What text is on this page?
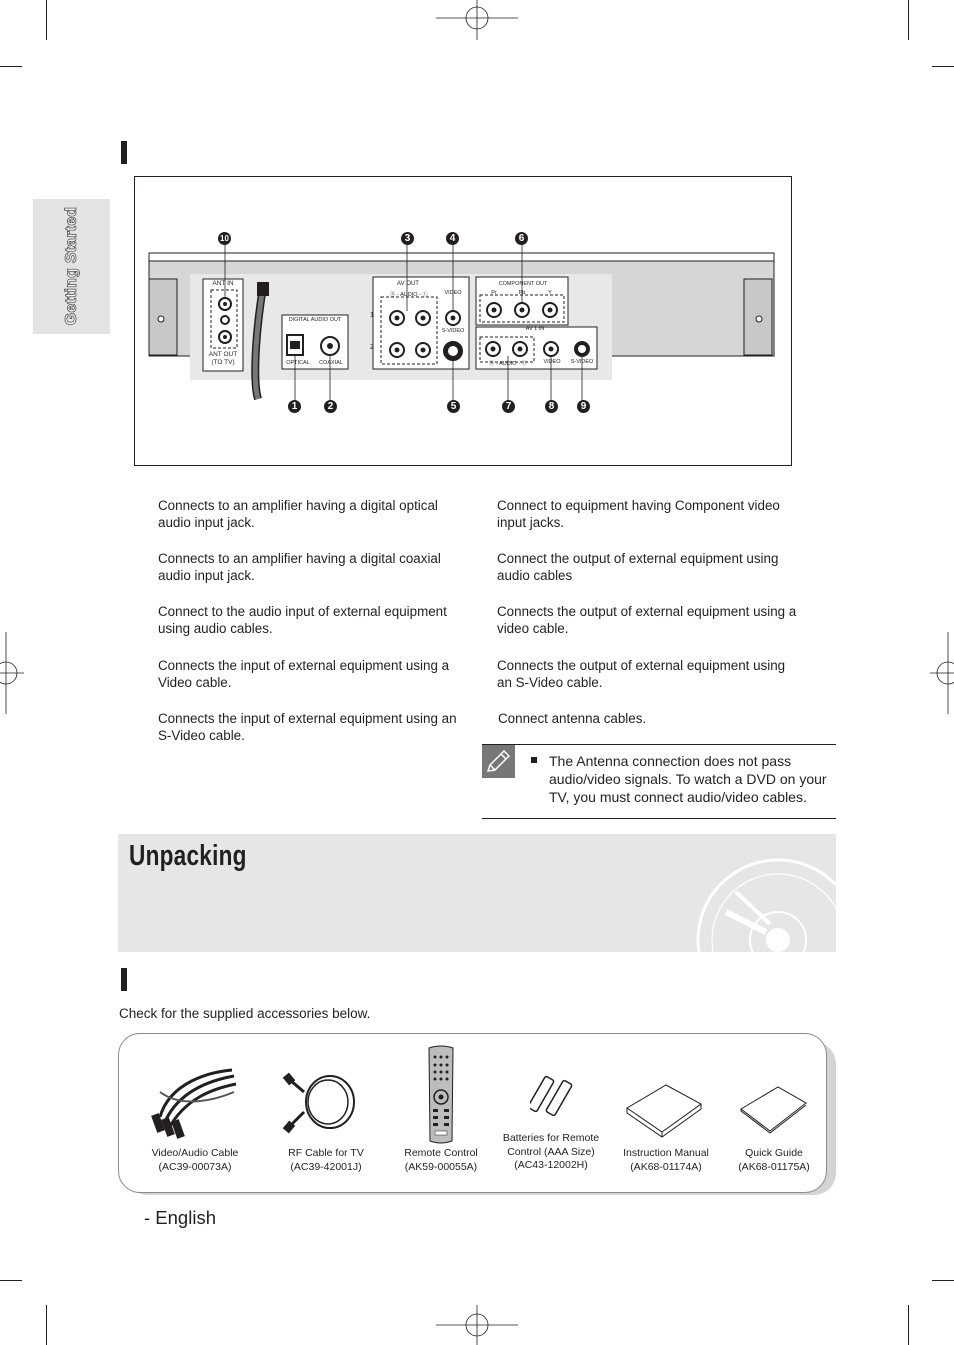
Getting Started	ANT IN
ANT OUT
(TO TV)
DIGITAL AUDIO OUT
OPTICAL	COAXIAL
AV OUT
Ⓡ - AUDIO - Ⓛ	VIDEO
S-VIDEO
1
2
COMPONENT OUT
Pr	Pb	Y
AV 1 IN
Ⓡ - AUDIO - Ⓛ	VIDEO	S-VIDEO
10	3	4	6
1	2	5	7	8	9
Connects to an amplifier having a digital optical audio input jack.
Connects to an amplifier having a digital coaxial audio input jack.
Connect to the audio input of external equipment using audio cables.
Connects the input of external equipment using a Video cable.
Connects the input of external equipment using an S-Video cable.
Connect to equipment having Component video input jacks.
Connect the output of external equipment using audio cables
Connects the output of external equipment using a video cable.
Connects the output of external equipment using an S-Video cable.
Connect antenna cables.
The Antenna connection does not pass audio/video signals. To watch a DVD on your TV, you must connect audio/video cables.
Unpacking
Check for the supplied accessories below.
Video/Audio Cable
(AC39-00073A)
RF Cable for TV
(AC39-42001J)
Remote Control
(AK59-00055A)
Batteries for Remote Control (AAA Size)
(AC43-12002H)
Instruction Manual
(AK68-01174A)
Quick Guide
(AK68-01175A)
- English
